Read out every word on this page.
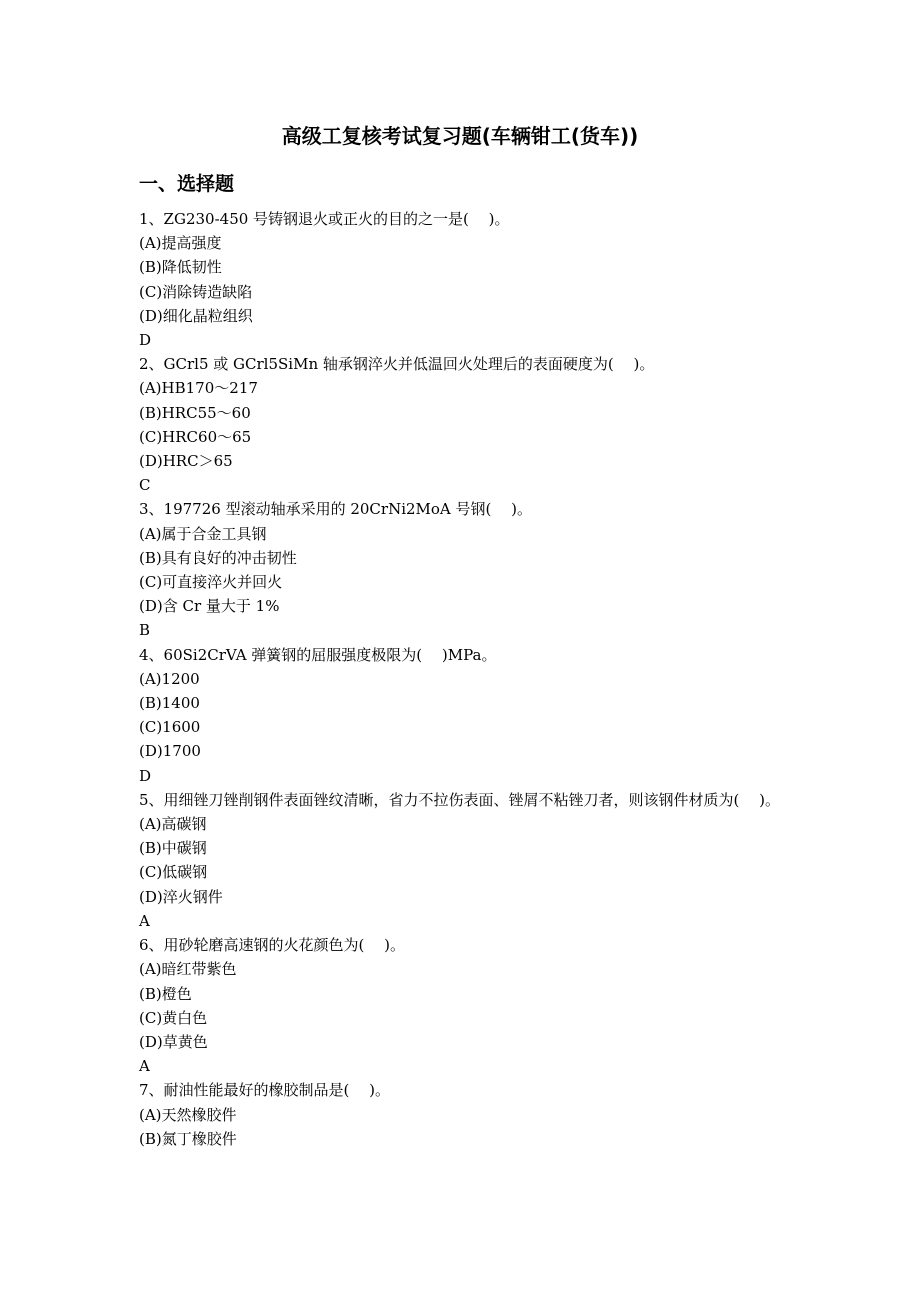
高级工复核考试复习题(车辆钳工(货车))
一、选择题

1、ZG230-450 号铸钢退火或正火的目的之一是(　 )。

(A)提高强度

(B)降低韧性

(C)消除铸造缺陷

(D)细化晶粒组织

D

2、GCrl5 或 GCrl5SiMn 轴承钢淬火并低温回火处理后的表面硬度为(　 )。

(A)HB170～217

(B)HRC55～60

(C)HRC60～65

(D)HRC＞65

C

3、197726 型滚动轴承采用的 20CrNi2MoA 号钢(　 )。

(A)属于合金工具钢

(B)具有良好的冲击韧性

(C)可直接淬火并回火

(D)含 Cr 量大于 1%

B

4、60Si2CrVA 弹簧钢的屈服强度极限为(　 )MPa。

(A)1200

(B)1400

(C)1600

(D)1700

D

5、用细锉刀锉削钢件表面锉纹清晰，省力不拉伤表面、锉屑不粘锉刀者，则该钢件材质为(　 )。

(A)高碳钢

(B)中碳钢

(C)低碳钢

(D)淬火钢件

A

6、用砂轮磨高速钢的火花颜色为(　 )。

(A)暗红带紫色

(B)橙色

(C)黄白色

(D)草黄色

A

7、耐油性能最好的橡胶制品是(　 )。

(A)天然橡胶件

(B)氮丁橡胶件
